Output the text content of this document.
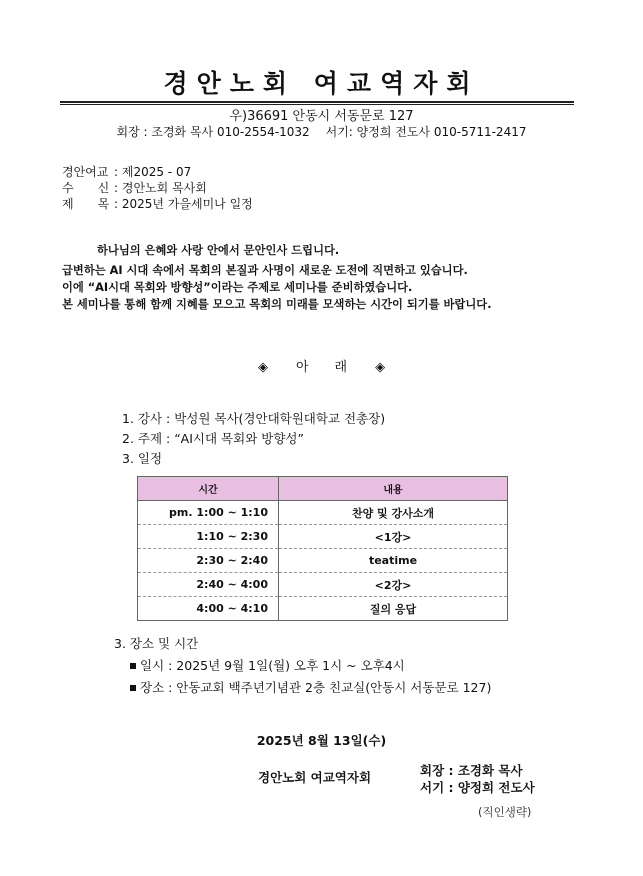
경안노회 여교역자회
우)36691 안동시 서동문로 127
회장 : 조경화 목사 010-2554-1032 서기: 양정희 전도사 010-5711-2417
경안여교 : 제2025 - 07
수　　신 : 경안노회 목사회
제　　목 : 2025년 가을세미나 일정
하나님의 은혜와 사랑 안에서 문안인사 드립니다.
급변하는 AI 시대 속에서 목회의 본질과 사명이 새로운 도전에 직면하고 있습니다.
이에 “AI시대 목회와 방향성”이라는 주제로 세미나를 준비하였습니다.
본 세미나를 통해 함께 지혜를 모으고 목회의 미래를 모색하는 시간이 되기를 바랍니다.
◈ 아　　래 ◈
1. 강사 : 박성원 목사(경안대학원대학교 전총장)
2. 주제 : “AI시대 목회와 방향성”
3. 일정
시간	내용
pm. 1:00 ~ 1:10	찬양 및 강사소개
1:10 ~ 2:30	<1강>
2:30 ~ 2:40	teatime
2:40 ~ 4:00	<2강>
4:00 ~ 4:10	질의 응답
3. 장소 및 시간
일시 : 2025년 9월 1일(월) 오후 1시 ~ 오후4시
장소 : 안동교회 백주년기념관 2층 친교실(안동시 서동문로 127)
2025년 8월 13일(수)
경안노회 여교역자회	회장 : 조경화 목사
서기 : 양정희 전도사
(직인생략)
